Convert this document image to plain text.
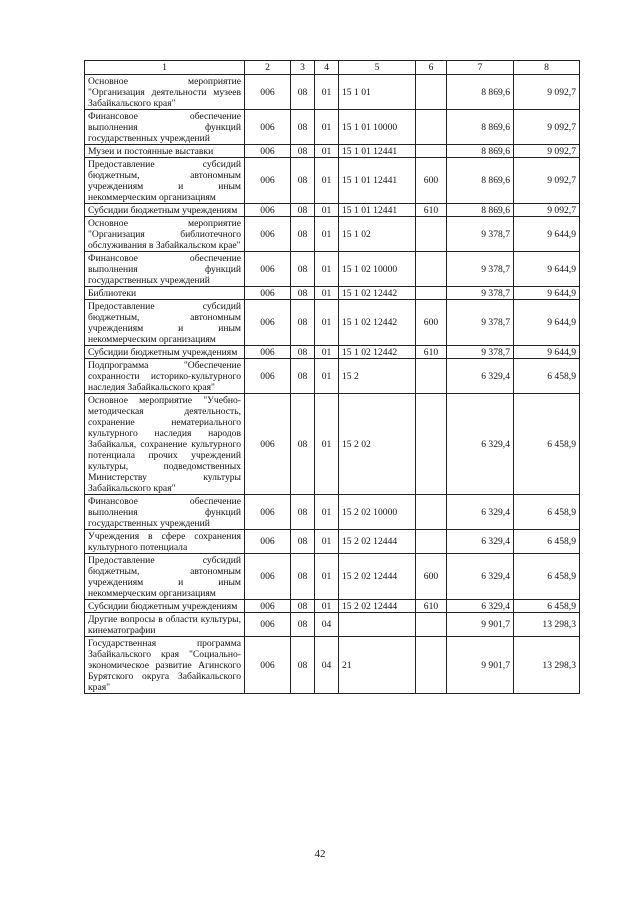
1	2	3	4	5	6	7	8
Основное мероприятие "Организация деятельности музеев Забайкальского края"	006	08	01	15 1 01		8 869,6	9 092,7
Финансовое обеспечение выполнения функций государственных учреждений	006	08	01	15 1 01 10000		8 869,6	9 092,7
Музеи и постоянные выставки	006	08	01	15 1 01 12441		8 869,6	9 092,7
Предоставление субсидий бюджетным, автономным учреждениям и иным некоммерческим организациям	006	08	01	15 1 01 12441	600	8 869,6	9 092,7
Субсидии бюджетным учреждениям	006	08	01	15 1 01 12441	610	8 869,6	9 092,7
Основное мероприятие "Организация библиотечного обслуживания в Забайкальском крае"	006	08	01	15 1 02		9 378,7	9 644,9
Финансовое обеспечение выполнения функций государственных учреждений	006	08	01	15 1 02 10000		9 378,7	9 644,9
Библиотеки	006	08	01	15 1 02 12442		9 378,7	9 644,9
Предоставление субсидий бюджетным, автономным учреждениям и иным некоммерческим организациям	006	08	01	15 1 02 12442	600	9 378,7	9 644,9
Субсидии бюджетным учреждениям	006	08	01	15 1 02 12442	610	9 378,7	9 644,9
Подпрограмма "Обеспечение сохранности историко-культурного наследия Забайкальского края"	006	08	01	15 2		6 329,4	6 458,9
Основное мероприятие "Учебно-методическая деятельность, сохранение нематериального культурного наследия народов Забайкалья, сохранение культурного потенциала прочих учреждений культуры, подведомственных Министерству культуры Забайкальского края"	006	08	01	15 2 02		6 329,4	6 458,9
Финансовое обеспечение выполнения функций государственных учреждений	006	08	01	15 2 02 10000		6 329,4	6 458,9
Учреждения в сфере сохранения культурного потенциала	006	08	01	15 2 02 12444		6 329,4	6 458,9
Предоставление субсидий бюджетным, автономным учреждениям и иным некоммерческим организациям	006	08	01	15 2 02 12444	600	6 329,4	6 458,9
Субсидии бюджетным учреждениям	006	08	01	15 2 02 12444	610	6 329,4	6 458,9
Другие вопросы в области культуры, кинематографии	006	08	04			9 901,7	13 298,3
Государственная программа Забайкальского края "Социально-экономическое развитие Агинского Бурятского округа Забайкальского края"	006	08	04	21		9 901,7	13 298,3
42
